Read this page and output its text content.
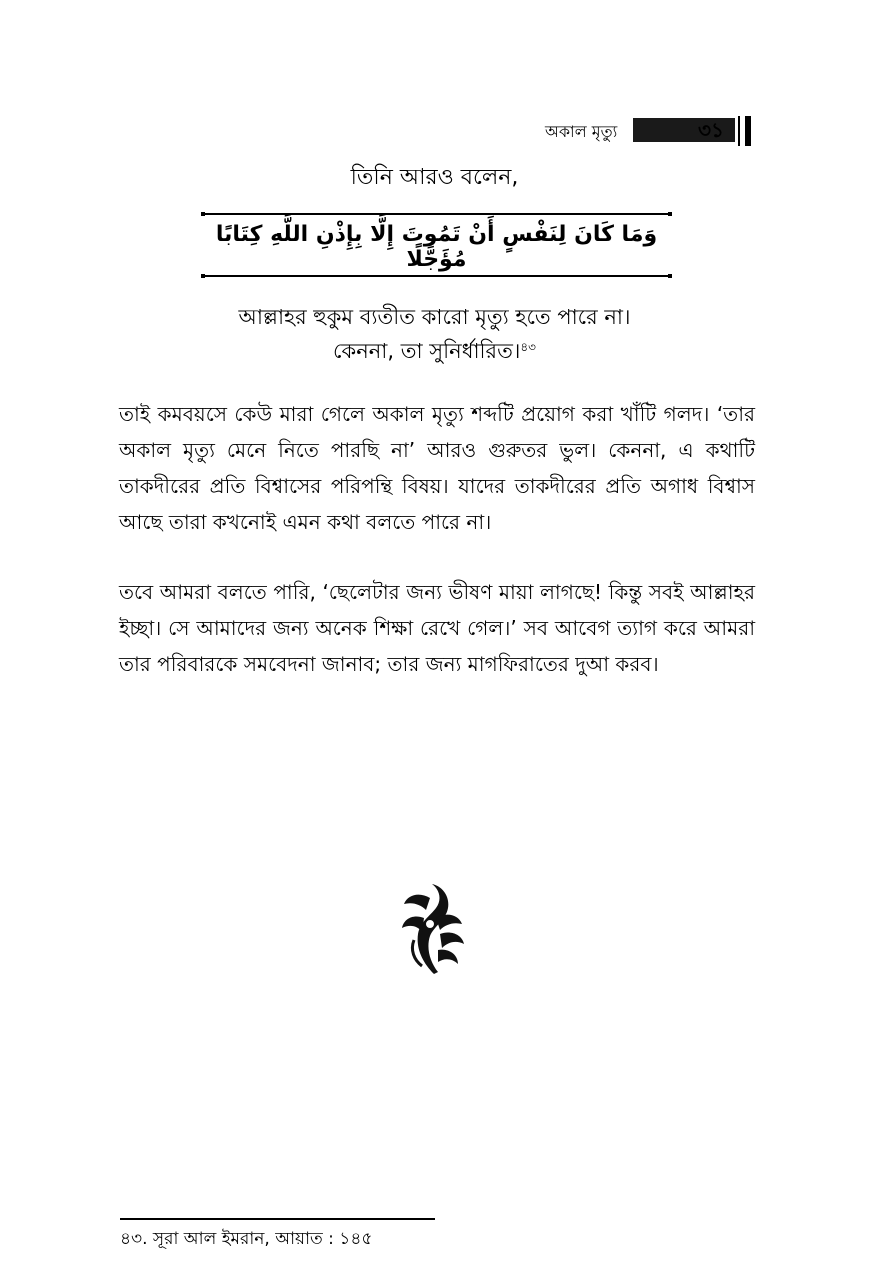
অকাল মৃত্যু	৩১
তিনি আরও বলেন,
وَمَا كَانَ لِنَفْسٍ أَنْ تَمُوتَ إِلَّا بِإِذْنِ اللَّهِ كِتَابًا مُؤَجَّلًا
আল্লাহর হুকুম ব্যতীত কারো মৃত্যু হতে পারে না।
কেননা, তা সুনির্ধারিত।$^{৪৩}$
তাই কমবয়সে কেউ মারা গেলে অকাল মৃত্যু শব্দটি প্রয়োগ করা খাঁটি গলদ। ‘তার অকাল মৃত্যু মেনে নিতে পারছি না’ আরও গুরুতর ভুল। কেননা, এ কথাটি তাকদীরের প্রতি বিশ্বাসের পরিপন্থি বিষয়। যাদের তাকদীরের প্রতি অগাধ বিশ্বাস আছে তারা কখনোই এমন কথা বলতে পারে না।
তবে আমরা বলতে পারি, ‘ছেলেটার জন্য ভীষণ মায়া লাগছে! কিন্তু সবই আল্লাহর ইচ্ছা। সে আমাদের জন্য অনেক শিক্ষা রেখে গেল।’ সব আবেগ ত্যাগ করে আমরা তার পরিবারকে সমবেদনা জানাব; তার জন্য মাগফিরাতের দুআ করব।
৪৩. সূরা আল ইমরান, আয়াত : ১৪৫
